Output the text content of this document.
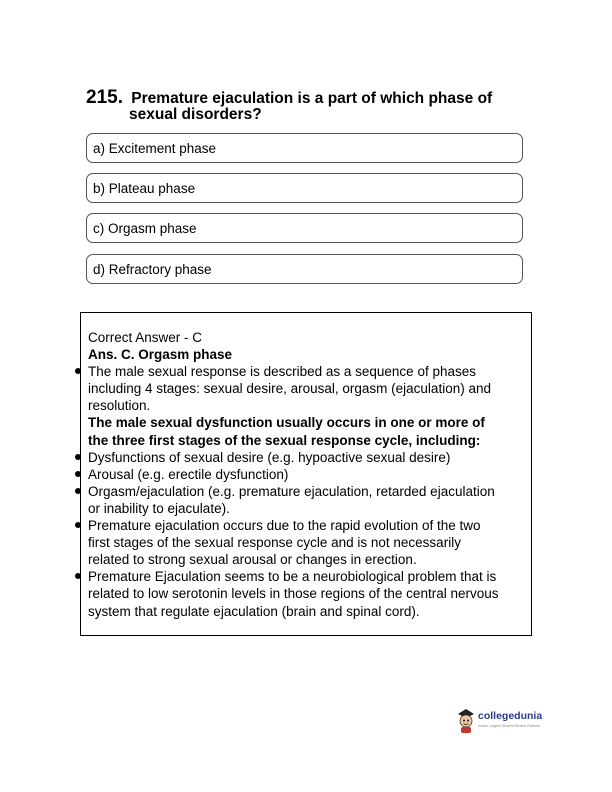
215. Premature ejaculation is a part of which phase of
sexual disorders?
a) Excitement phase
b) Plateau phase
c) Orgasm phase
d) Refractory phase
Correct Answer - C
Ans. C. Orgasm phase
The male sexual response is described as a sequence of phases
including 4 stages: sexual desire, arousal, orgasm (ejaculation) and
resolution.
The male sexual dysfunction usually occurs in one or more of
the three first stages of the sexual response cycle, including:
Dysfunctions of sexual desire (e.g. hypoactive sexual desire)
Arousal (e.g. erectile dysfunction)
Orgasm/ejaculation (e.g. premature ejaculation, retarded ejaculation
or inability to ejaculate).
Premature ejaculation occurs due to the rapid evolution of the two
first stages of the sexual response cycle and is not necessarily
related to strong sexual arousal or changes in erection.
Premature Ejaculation seems to be a neurobiological problem that is
related to low serotonin levels in those regions of the central nervous
system that regulate ejaculation (brain and spinal cord).
collegedunia
India's Largest Student Review Platform
